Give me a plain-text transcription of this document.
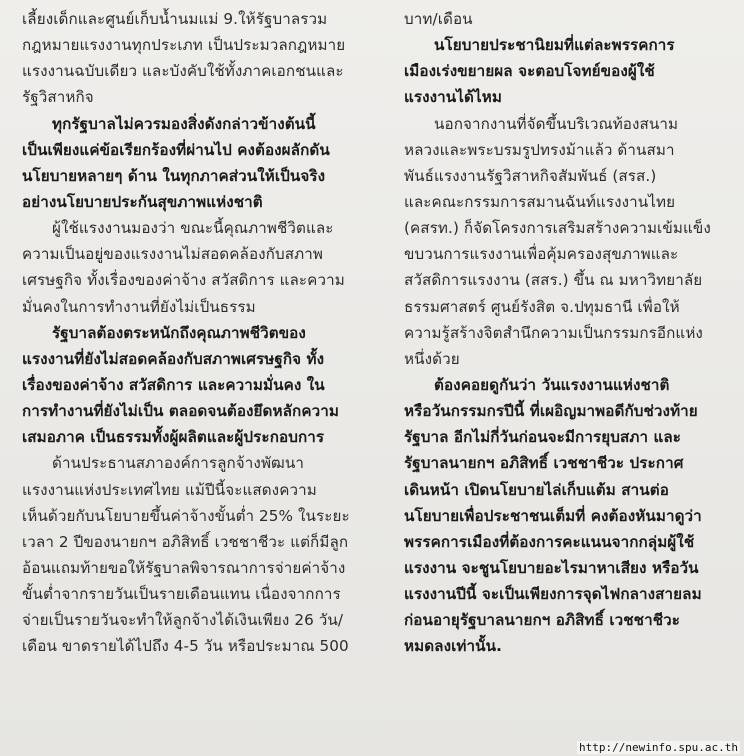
เลี้ยงเด็กและศูนย์เก็บน้ำนมแม่ 9.ให้รัฐบาลรวม
กฎหมายแรงงานทุกประเภท เป็นประมวลกฎหมาย
แรงงานฉบับเดียว และบังคับใช้ทั้งภาคเอกชนและ
รัฐวิสาหกิจ
ทุกรัฐบาลไม่ควรมองสิ่งดังกล่าวข้างต้นนี้
เป็นเพียงแค่ข้อเรียกร้องที่ผ่านไป คงต้องผลักดัน
นโยบายหลายๆ ด้าน ในทุกภาคส่วนให้เป็นจริง
อย่างนโยบายประกันสุขภาพแห่งชาติ
ผู้ใช้แรงงานมองว่า ขณะนี้คุณภาพชีวิตและ
ความเป็นอยู่ของแรงงานไม่สอดคล้องกับสภาพ
เศรษฐกิจ ทั้งเรื่องของค่าจ้าง สวัสดิการ และความ
มั่นคงในการทำงานที่ยังไม่เป็นธรรม
รัฐบาลต้องตระหนักถึงคุณภาพชีวิตของ
แรงงานที่ยังไม่สอดคล้องกับสภาพเศรษฐกิจ ทั้ง
เรื่องของค่าจ้าง สวัสดิการ และความมั่นคง ใน
การทำงานที่ยังไม่เป็น ตลอดจนต้องยึดหลักความ
เสมอภาค เป็นธรรมทั้งผู้ผลิตและผู้ประกอบการ
ด้านประธานสภาองค์การลูกจ้างพัฒนา
แรงงานแห่งประเทศไทย แม้ปีนี้จะแสดงความ
เห็นด้วยกับนโยบายขึ้นค่าจ้างขั้นต่ำ 25% ในระยะ
เวลา 2 ปีของนายกฯ อภิสิทธิ์ เวชชาชีวะ แต่ก็มีลูก
อ้อนแถมท้ายขอให้รัฐบาลพิจารณาการจ่ายค่าจ้าง
ขั้นต่ำจากรายวันเป็นรายเดือนแทน เนื่องจากการ
จ่ายเป็นรายวันจะทำให้ลูกจ้างได้เงินเพียง 26 วัน/
เดือน ขาดรายได้ไปถึง 4-5 วัน หรือประมาณ 500
บาท/เดือน
นโยบายประชานิยมที่แต่ละพรรคการ
เมืองเร่งขยายผล จะตอบโจทย์ของผู้ใช้
แรงงานได้ไหม
นอกจากงานที่จัดขึ้นบริเวณท้องสนาม
หลวงและพระบรมรูปทรงม้าแล้ว ด้านสมา
พันธ์แรงงานรัฐวิสาหกิจสัมพันธ์ (สรส.)
และคณะกรรมการสมานฉันท์แรงงานไทย
(คสรท.) ก็จัดโครงการเสริมสร้างความเข้มแข็ง
ขบวนการแรงงานเพื่อคุ้มครองสุขภาพและ
สวัสดิการแรงงาน (สสร.) ขึ้น ณ มหาวิทยาลัย
ธรรมศาสตร์ ศูนย์รังสิต จ.ปทุมธานี เพื่อให้
ความรู้สร้างจิตสำนึกความเป็นกรรมกรอีกแห่ง
หนึ่งด้วย
ต้องคอยดูกันว่า วันแรงงานแห่งชาติ
หรือวันกรรมกรปีนี้ ที่เผอิญมาพอดีกับช่วงท้าย
รัฐบาล อีกไม่กี่วันก่อนจะมีการยุบสภา และ
รัฐบาลนายกฯ อภิสิทธิ์ เวชชาชีวะ ประกาศ
เดินหน้า เปิดนโยบายไล่เก็บแต้ม สานต่อ
นโยบายเพื่อประชาชนเต็มที่ คงต้องหันมาดูว่า
พรรคการเมืองที่ต้องการคะแนนจากกลุ่มผู้ใช้
แรงงาน จะชูนโยบายอะไรมาหาเสียง หรือวัน
แรงงานปีนี้ จะเป็นเพียงการจุดไฟกลางสายลม
ก่อนอายุรัฐบาลนายกฯ อภิสิทธิ์ เวชชาชีวะ
หมดลงเท่านั้น.
http://newinfo.spu.ac.th
